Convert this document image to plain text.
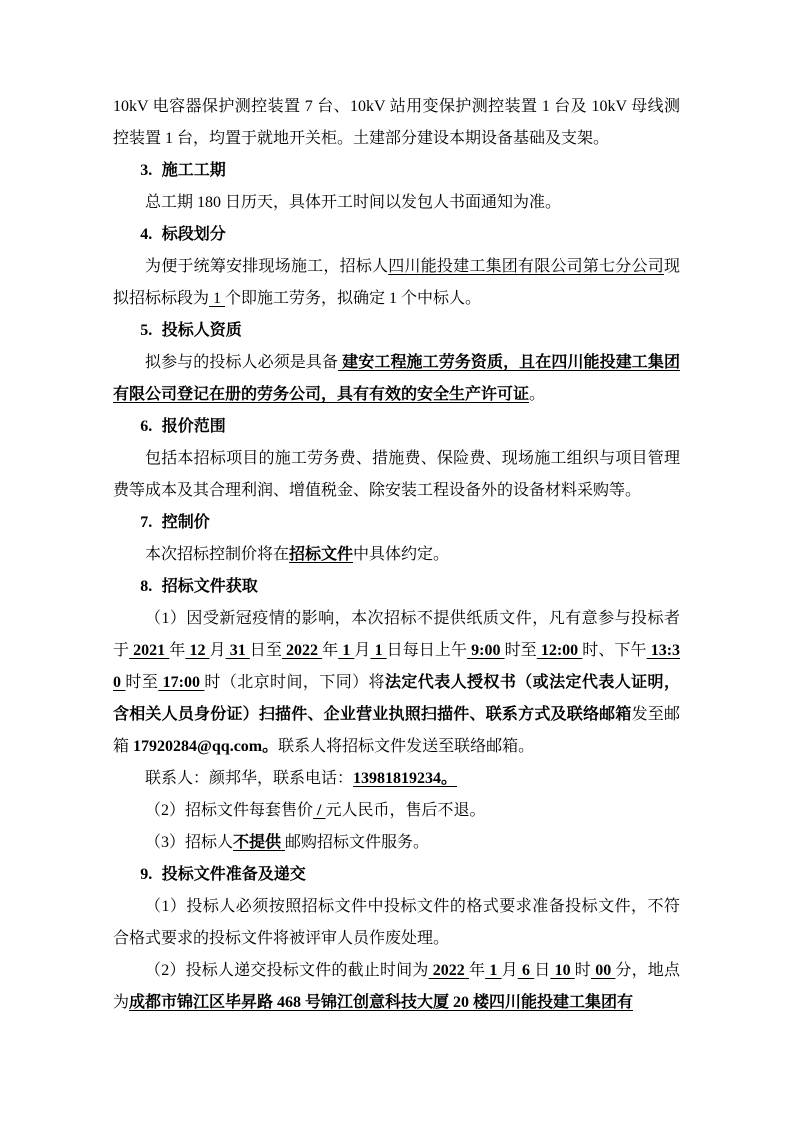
10kV 电容器保护测控装置 7 台、10kV 站用变保护测控装置 1 台及 10kV 母线测控装置 1 台，均置于就地开关柜。土建部分建设本期设备基础及支架。

3. 施工工期

总工期 180 日历天，具体开工时间以发包人书面通知为准。

4. 标段划分

为便于统筹安排现场施工，招标人四川能投建工集团有限公司第七分公司现拟招标标段为 1 个即施工劳务，拟确定 1 个中标人。

5. 投标人资质

拟参与的投标人必须是具备 建安工程施工劳务资质，且在四川能投建工集团有限公司登记在册的劳务公司，具有有效的安全生产许可证。

6. 报价范围

包括本招标项目的施工劳务费、措施费、保险费、现场施工组织与项目管理费等成本及其合理利润、增值税金、除安装工程设备外的设备材料采购等。

7. 控制价

本次招标控制价将在招标文件中具体约定。

8. 招标文件获取

（1）因受新冠疫情的影响，本次招标不提供纸质文件，凡有意参与投标者于 2021 年 12 月 31 日至 2022 年 1 月 1 日每日上午 9:00 时至 12:00 时、下午 13:30 时至 17:00 时（北京时间，下同）将法定代表人授权书（或法定代表人证明，含相关人员身份证）扫描件、企业营业执照扫描件、联系方式及联络邮箱发至邮箱 17920284@qq.com。联系人将招标文件发送至联络邮箱。

联系人：颜邦华，联系电话：13981819234。

（2）招标文件每套售价 / 元人民币，售后不退。

（3）招标人不提供 邮购招标文件服务。

9. 投标文件准备及递交

（1）投标人必须按照招标文件中投标文件的格式要求准备投标文件，不符合格式要求的投标文件将被评审人员作废处理。

（2）投标人递交投标文件的截止时间为 2022 年 1 月 6 日 10 时 00 分，地点为成都市锦江区毕昇路 468 号锦江创意科技大厦 20 楼四川能投建工集团有
